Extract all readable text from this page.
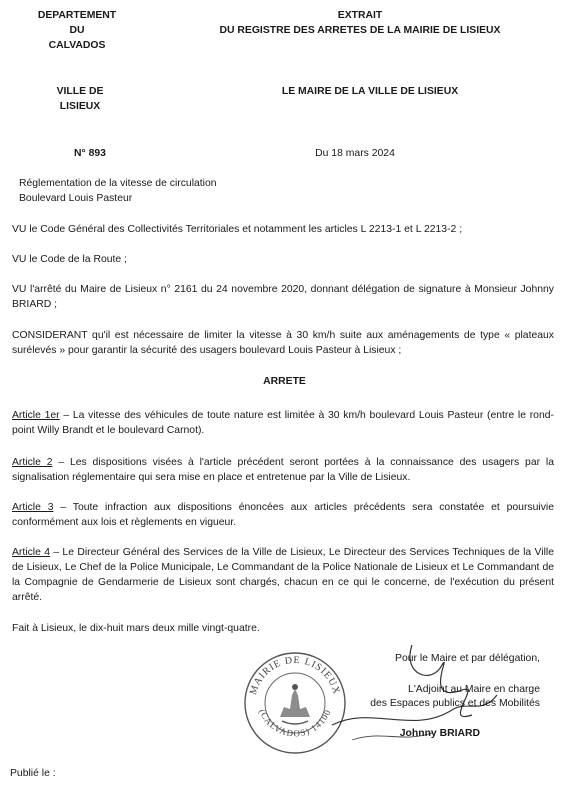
DEPARTEMENT
DU
CALVADOS
EXTRAIT
DU REGISTRE DES ARRETES DE LA MAIRIE DE LISIEUX
VILLE DE
LISIEUX
LE MAIRE DE LA VILLE DE LISIEUX
N° 893	Du 18 mars 2024
Réglementation de la vitesse de circulation
Boulevard Louis Pasteur
VU le Code Général des Collectivités Territoriales et notamment les articles L 2213-1 et L 2213-2 ;
VU le Code de la Route ;
VU l'arrêté du Maire de Lisieux n° 2161 du 24 novembre 2020, donnant délégation de signature à Monsieur Johnny BRIARD ;
CONSIDERANT qu'il est nécessaire de limiter la vitesse à 30 km/h suite aux aménagements de type « plateaux surélevés » pour garantir la sécurité des usagers boulevard Louis Pasteur à Lisieux ;
ARRETE
Article 1er – La vitesse des véhicules de toute nature est limitée à 30 km/h boulevard Louis Pasteur (entre le rond-point Willy Brandt et le boulevard Carnot).
Article 2 – Les dispositions visées à l'article précédent seront portées à la connaissance des usagers par la signalisation réglementaire qui sera mise en place et entretenue par la Ville de Lisieux.
Article 3 – Toute infraction aux dispositions énoncées aux articles précédents sera constatée et poursuivie conformément aux lois et règlements en vigueur.
Article 4 – Le Directeur Général des Services de la Ville de Lisieux, Le Directeur des Services Techniques de la Ville de Lisieux, Le Chef de la Police Municipale, Le Commandant de la Police Nationale de Lisieux et Le Commandant de la Compagnie de Gendarmerie de Lisieux sont chargés, chacun en ce qui le concerne, de l'exécution du présent arrêté.
Fait à Lisieux, le dix-huit mars deux mille vingt-quatre.
MAIRIE DE LISIEUX
(CALVADOS) 14100
Pour le Maire et par délégation,
L'Adjoint au Maire en charge
des Espaces publics et des Mobilités
Johnny BRIARD
Publié le :
